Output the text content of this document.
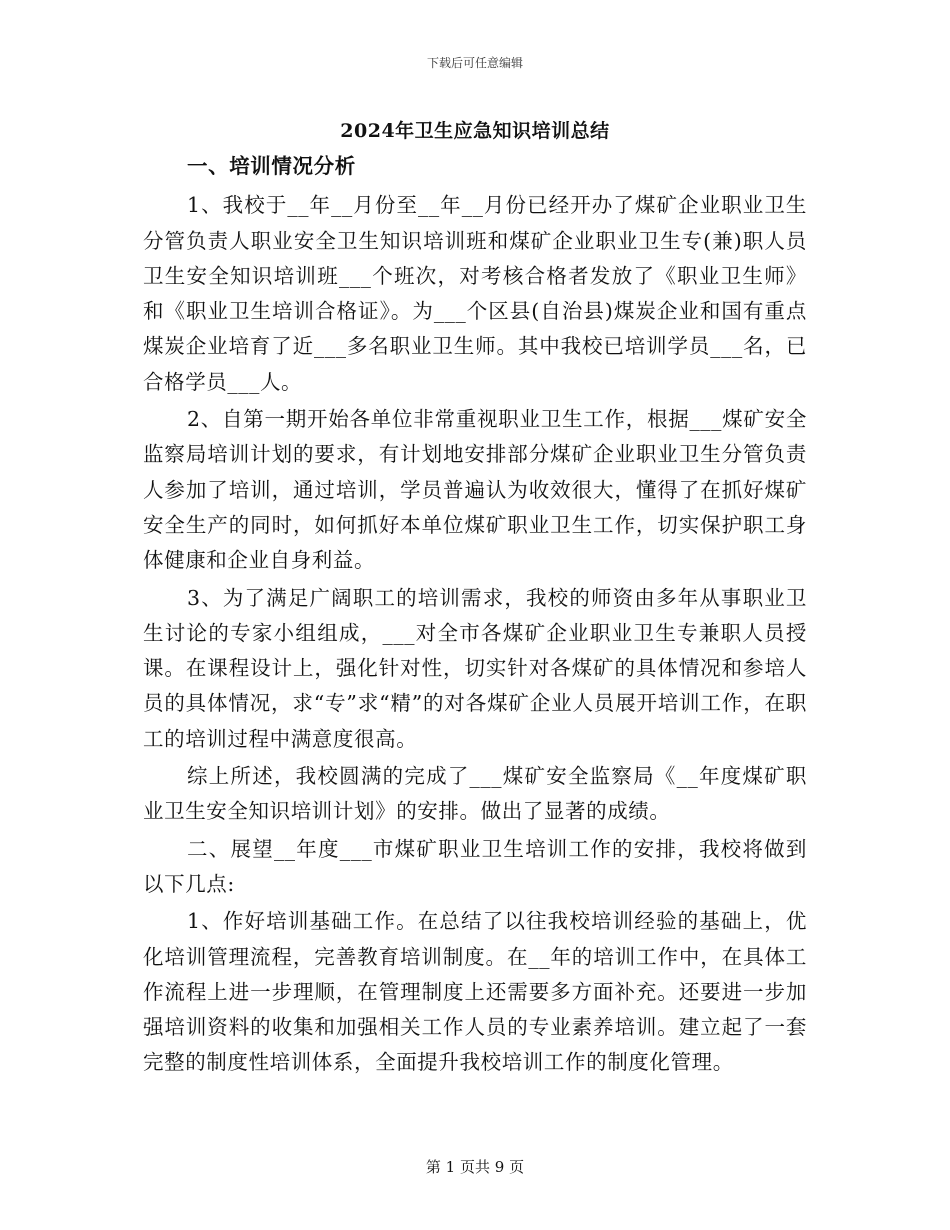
下载后可任意编辑
2024年卫生应急知识培训总结
一、培训情况分析

1、我校于__年__月份至__年__月份已经开办了煤矿企业职业卫生分管负责人职业安全卫生知识培训班和煤矿企业职业卫生专(兼)职人员卫生安全知识培训班___个班次，对考核合格者发放了《职业卫生师》和《职业卫生培训合格证》。为___个区县(自治县)煤炭企业和国有重点煤炭企业培育了近___多名职业卫生师。其中我校已培训学员___名，已合格学员___人。

2、自第一期开始各单位非常重视职业卫生工作，根据___煤矿安全监察局培训计划的要求，有计划地安排部分煤矿企业职业卫生分管负责人参加了培训，通过培训，学员普遍认为收效很大，懂得了在抓好煤矿安全生产的同时，如何抓好本单位煤矿职业卫生工作，切实保护职工身体健康和企业自身利益。

3、为了满足广阔职工的培训需求，我校的师资由多年从事职业卫生讨论的专家小组组成，___对全市各煤矿企业职业卫生专兼职人员授课。在课程设计上，强化针对性，切实针对各煤矿的具体情况和参培人员的具体情况，求“专”求“精”的对各煤矿企业人员展开培训工作，在职工的培训过程中满意度很高。

综上所述，我校圆满的完成了___煤矿安全监察局《__年度煤矿职业卫生安全知识培训计划》的安排。做出了显著的成绩。

二、展望__年度___市煤矿职业卫生培训工作的安排，我校将做到以下几点:

1、作好培训基础工作。在总结了以往我校培训经验的基础上，优化培训管理流程，完善教育培训制度。在__年的培训工作中，在具体工作流程上进一步理顺，在管理制度上还需要多方面补充。还要进一步加强培训资料的收集和加强相关工作人员的专业素养培训。建立起了一套完整的制度性培训体系，全面提升我校培训工作的制度化管理。

第 1 页共 9 页
